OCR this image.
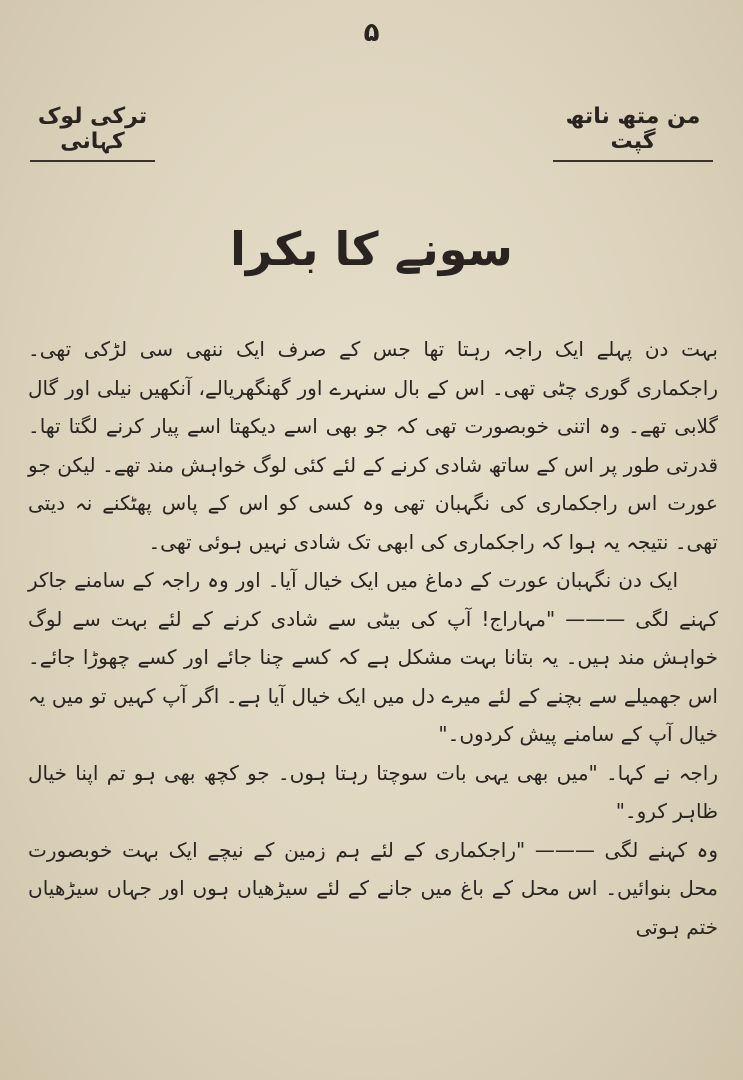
۵
من متھ ناتھ گپت
ترکی لوک کہانی
سونے کا بکرا

بہت دن پہلے ایک راجہ رہتا تھا جس کے صرف ایک ننھی سی لڑکی تھی۔ راجکماری گوری چٹی تھی۔ اس کے بال سنہرے اور گھنگھریالے، آنکھیں نیلی اور گال گلابی تھے۔ وہ اتنی خوبصورت تھی کہ جو بھی اسے دیکھتا اسے پیار کرنے لگتا تھا۔ قدرتی طور پر اس کے ساتھ شادی کرنے کے لئے کئی لوگ خواہش مند تھے۔ لیکن جو عورت اس راجکماری کی نگہبان تھی وہ کسی کو اس کے پاس پھٹکنے نہ دیتی تھی۔ نتیجہ یہ ہوا کہ راجکماری کی ابھی تک شادی نہیں ہوئی تھی۔

ایک دن نگہبان عورت کے دماغ میں ایک خیال آیا۔ اور وہ راجہ کے سامنے جاکر کہنے لگی ——— "مہاراج! آپ کی بیٹی سے شادی کرنے کے لئے بہت سے لوگ خواہش مند ہیں۔ یہ بتانا بہت مشکل ہے کہ کسے چنا جائے اور کسے چھوڑا جائے۔ اس جھمیلے سے بچنے کے لئے میرے دل میں ایک خیال آیا ہے۔ اگر آپ کہیں تو میں یہ خیال آپ کے سامنے پیش کردوں۔"

راجہ نے کہا۔ "میں بھی یہی بات سوچتا رہتا ہوں۔ جو کچھ بھی ہو تم اپنا خیال ظاہر کرو۔"

وہ کہنے لگی ——— "راجکماری کے لئے ہم زمین کے نیچے ایک بہت خوبصورت محل بنوائیں۔ اس محل کے باغ میں جانے کے لئے سیڑھیاں ہوں اور جہاں سیڑھیاں ختم ہوتی
